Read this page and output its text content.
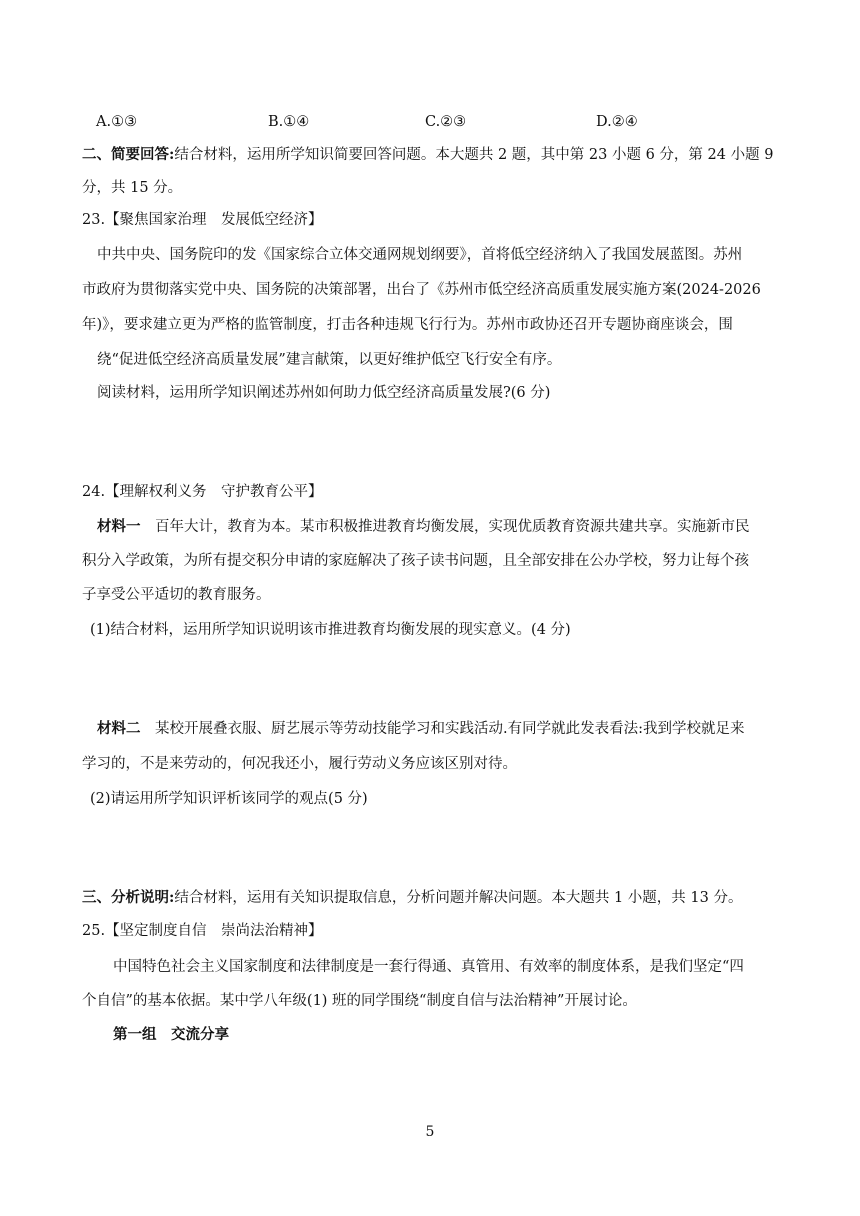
A.①③	B.①④	C.②③	D.②④
二、简要回答:结合材料，运用所学知识简要回答问题。本大题共 2 题，其中第 23 小题 6 分，第 24 小题 9
分，共 15 分。
23.【聚焦国家治理　发展低空经济】
中共中央、国务院印的发《国家综合立体交通网规划纲要》，首将低空经济纳入了我国发展蓝图。苏州
市政府为贯彻落实党中央、国务院的决策部署，出台了《苏州市低空经济高质重发展实施方案(2024-2026
年)》，要求建立更为严格的监管制度，打击各种违规飞行行为。苏州市政协还召开专题协商座谈会，围
绕“促进低空经济高质量发展”建言献策，以更好维护低空飞行安全有序。
阅读材料，运用所学知识阐述苏州如何助力低空经济高质量发展?(6 分)
24.【理解权利义务　守护教育公平】
材料一　百年大计，教育为本。某市积极推进教育均衡发展，实现优质教育资源共建共享。实施新市民
积分入学政策，为所有提交积分申请的家庭解决了孩子读书问题，且全部安排在公办学校，努力让每个孩
子享受公平适切的教育服务。
(1)结合材料，运用所学知识说明该市推进教育均衡发展的现实意义。(4 分)
材料二　某校开展叠衣服、厨艺展示等劳动技能学习和实践活动.有同学就此发表看法:我到学校就足来
学习的，不是来劳动的，何况我还小，履行劳动义务应该区别对待。
(2)请运用所学知识评析该同学的观点(5 分)
三、分析说明:结合材料，运用有关知识提取信息，分析问题并解决问题。本大题共 1 小题，共 13 分。
25.【坚定制度自信　崇尚法治精神】
中国特色社会主义国家制度和法律制度是一套行得通、真管用、有效率的制度体系，是我们坚定“四
个自信”的基本依据。某中学八年级(1) 班的同学围绕“制度自信与法治精神”开展讨论。
第一组　交流分享
5
